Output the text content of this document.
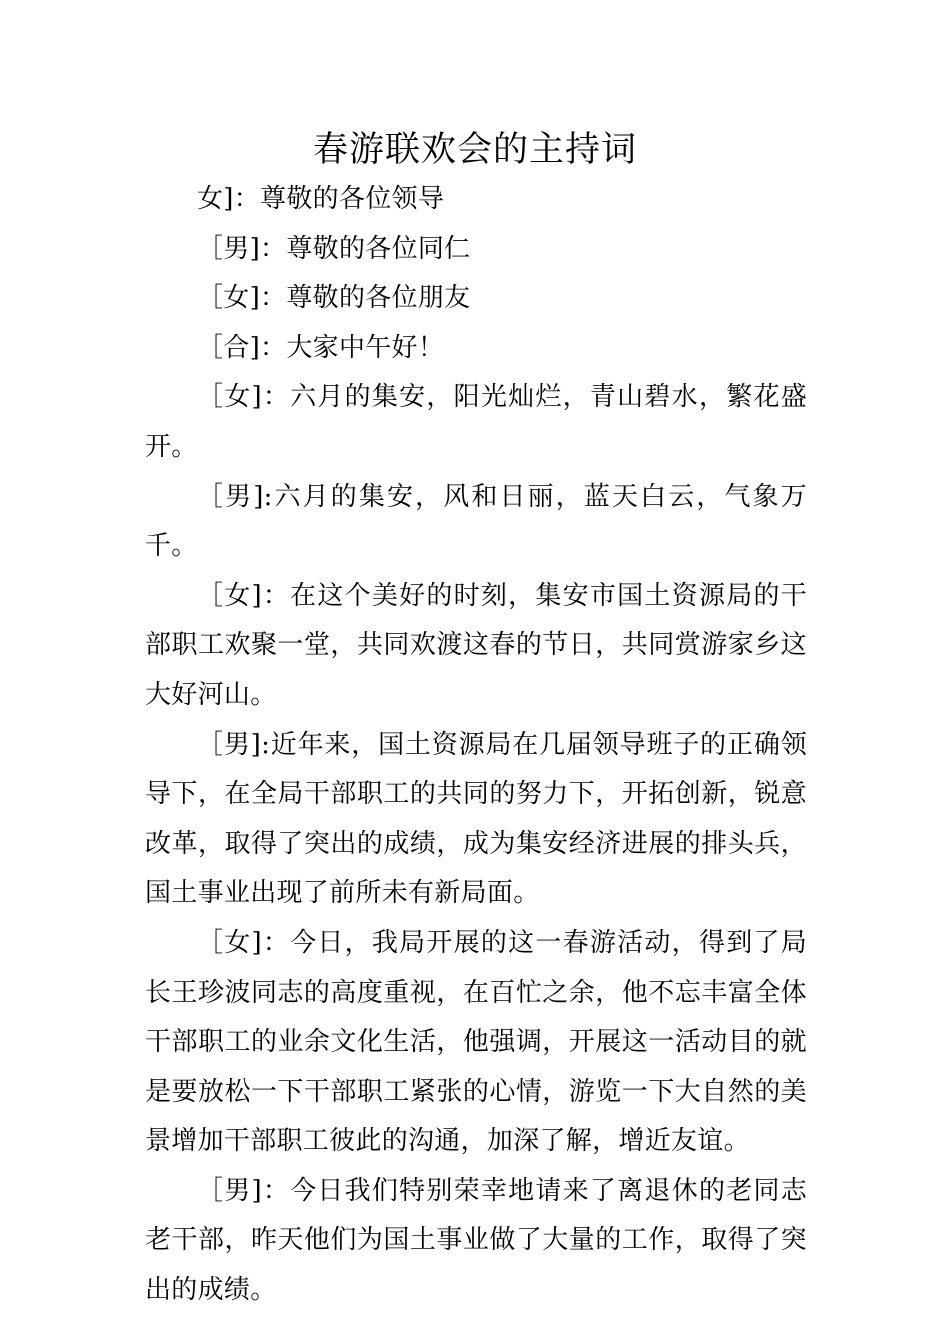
春游联欢会的主持词

女]：尊敬的各位领导

［男]：尊敬的各位同仁

［女]：尊敬的各位朋友

［合]：大家中午好！

［女]：六月的集安，阳光灿烂，青山碧水，繁花盛开。

［男]:六月的集安，风和日丽，蓝天白云，气象万千。

［女]：在这个美好的时刻，集安市国土资源局的干部职工欢聚一堂，共同欢渡这春的节日，共同赏游家乡这大好河山。

［男]:近年来，国土资源局在几届领导班子的正确领导下，在全局干部职工的共同的努力下，开拓创新，锐意改革，取得了突出的成绩，成为集安经济进展的排头兵，国土事业出现了前所未有新局面。

［女]：今日，我局开展的这一春游活动，得到了局长王珍波同志的高度重视，在百忙之余，他不忘丰富全体干部职工的业余文化生活，他强调，开展这一活动目的就是要放松一下干部职工紧张的心情，游览一下大自然的美景增加干部职工彼此的沟通，加深了解，增近友谊。

［男]：今日我们特别荣幸地请来了离退休的老同志老干部，昨天他们为国土事业做了大量的工作，取得了突出的成绩。
